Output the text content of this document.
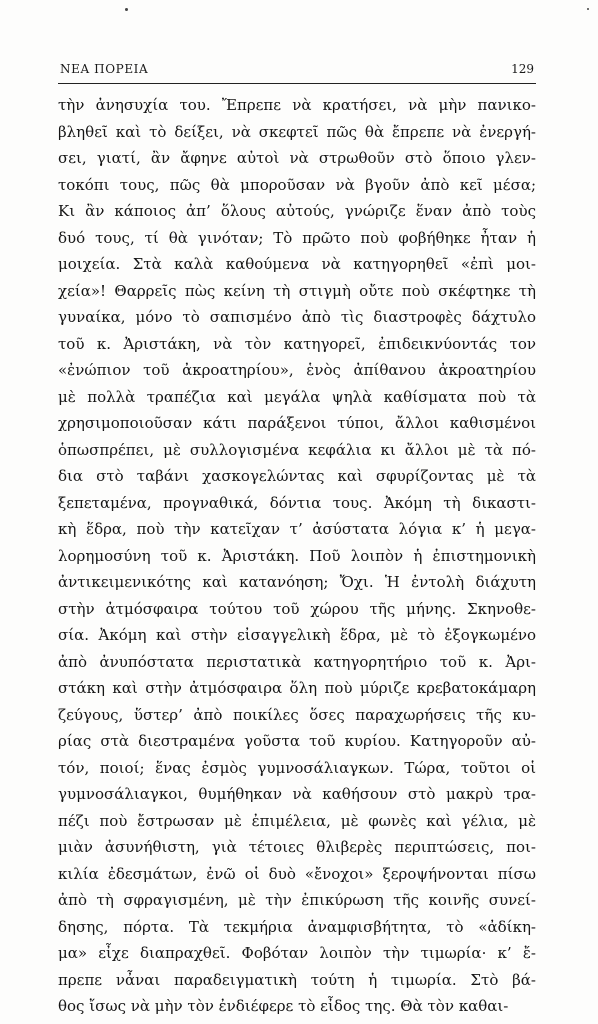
ΝΕΑ ΠΟΡΕΙΑ	129
τὴν ἀνησυχία του. Ἔπρεπε νὰ κρατήσει, νὰ μὴν πανικο-
βληθεῖ καὶ τὸ δείξει, νὰ σκεφτεῖ πῶς θὰ ἔπρεπε νὰ ἐνεργή-
σει, γιατί, ἂν ἄφηνε αὐτοὶ νὰ στρωθοῦν στὸ ὅποιο γλεν-
τοκόπι τους, πῶς θὰ μποροῦσαν νὰ βγοῦν ἀπὸ κεῖ μέσα;
Κι ἂν κάποιος ἀπ’ ὅλους αὐτούς, γνώριζε ἕναν ἀπὸ τοὺς
δυό τους, τί θὰ γινόταν; Τὸ πρῶτο ποὺ φοβήθηκε ἦταν ἡ
μοιχεία. Στὰ καλὰ καθούμενα νὰ κατηγορηθεῖ «ἐπὶ μοι-
χεία»! Θαρρεῖς πὼς κείνη τὴ στιγμὴ οὔτε ποὺ σκέφτηκε τὴ
γυναίκα, μόνο τὸ σαπισμένο ἀπὸ τὶς διαστροφὲς δάχτυλο
τοῦ κ. Ἀριστάκη, νὰ τὸν κατηγορεῖ, ἐπιδεικνύοντάς τον
«ἐνώπιον τοῦ ἀκροατηρίου», ἑνὸς ἀπίθανου ἀκροατηρίου
μὲ πολλὰ τραπέζια καὶ μεγάλα ψηλὰ καθίσματα ποὺ τὰ
χρησιμοποιοῦσαν κάτι παράξενοι τύποι, ἄλλοι καθισμένοι
ὁπωσπρέπει, μὲ συλλογισμένα κεφάλια κι ἄλλοι μὲ τὰ πό-
δια στὸ ταβάνι χασκογελώντας καὶ σφυρίζοντας μὲ τὰ
ξεπεταμένα, προγναθικά, δόντια τους. Ἀκόμη τὴ δικαστι-
κὴ ἕδρα, ποὺ τὴν κατεῖχαν τ’ ἀσύστατα λόγια κ’ ἡ μεγα-
λορημοσύνη τοῦ κ. Ἀριστάκη. Ποῦ λοιπὸν ἡ ἐπιστημονικὴ
ἀντικειμενικότης καὶ κατανόηση; Ὄχι. Ἡ ἐντολὴ διάχυτη
στὴν ἀτμόσφαιρα τούτου τοῦ χώρου τῆς μήνης. Σκηνοθε-
σία. Ἀκόμη καὶ στὴν εἰσαγγελικὴ ἕδρα, μὲ τὸ ἐξογκωμένο
ἀπὸ ἀνυπόστατα περιστατικὰ κατηγορητήριο τοῦ κ. Ἀρι-
στάκη καὶ στὴν ἀτμόσφαιρα ὅλη ποὺ μύριζε κρεβατοκάμαρη
ζεύγους, ὕστερ’ ἀπὸ ποικίλες ὅσες παραχωρήσεις τῆς κυ-
ρίας στὰ διεστραμένα γοῦστα τοῦ κυρίου. Κατηγοροῦν αὐ-
τόν, ποιοί; ἕνας ἐσμὸς γυμνοσάλιαγκων. Τώρα, τοῦτοι οἱ
γυμνοσάλιαγκοι, θυμήθηκαν νὰ καθήσουν στὸ μακρὺ τρα-
πέζι ποὺ ἔστρωσαν μὲ ἐπιμέλεια, μὲ φωνὲς καὶ γέλια, μὲ
μιὰν ἀσυνήθιστη, γιὰ τέτοιες θλιβερὲς περιπτώσεις, ποι-
κιλία ἐδεσμάτων, ἐνῶ οἱ δυὸ «ἔνοχοι» ξεροψήνονται πίσω
ἀπὸ τὴ σφραγισμένη, μὲ τὴν ἐπικύρωση τῆς κοινῆς συνεί-
δησης, πόρτα. Τὰ τεκμήρια ἀναμφισβήτητα, τὸ «ἀδίκη-
μα» εἶχε διαπραχθεῖ. Φοβόταν λοιπὸν τὴν τιμωρία· κ’ ἔ-
πρεπε νἆναι παραδειγματικὴ τούτη ἡ τιμωρία. Στὸ βά-
θος ἴσως νὰ μὴν τὸν ἐνδιέφερε τὸ εἶδος της. Θὰ τὸν καθαι-
